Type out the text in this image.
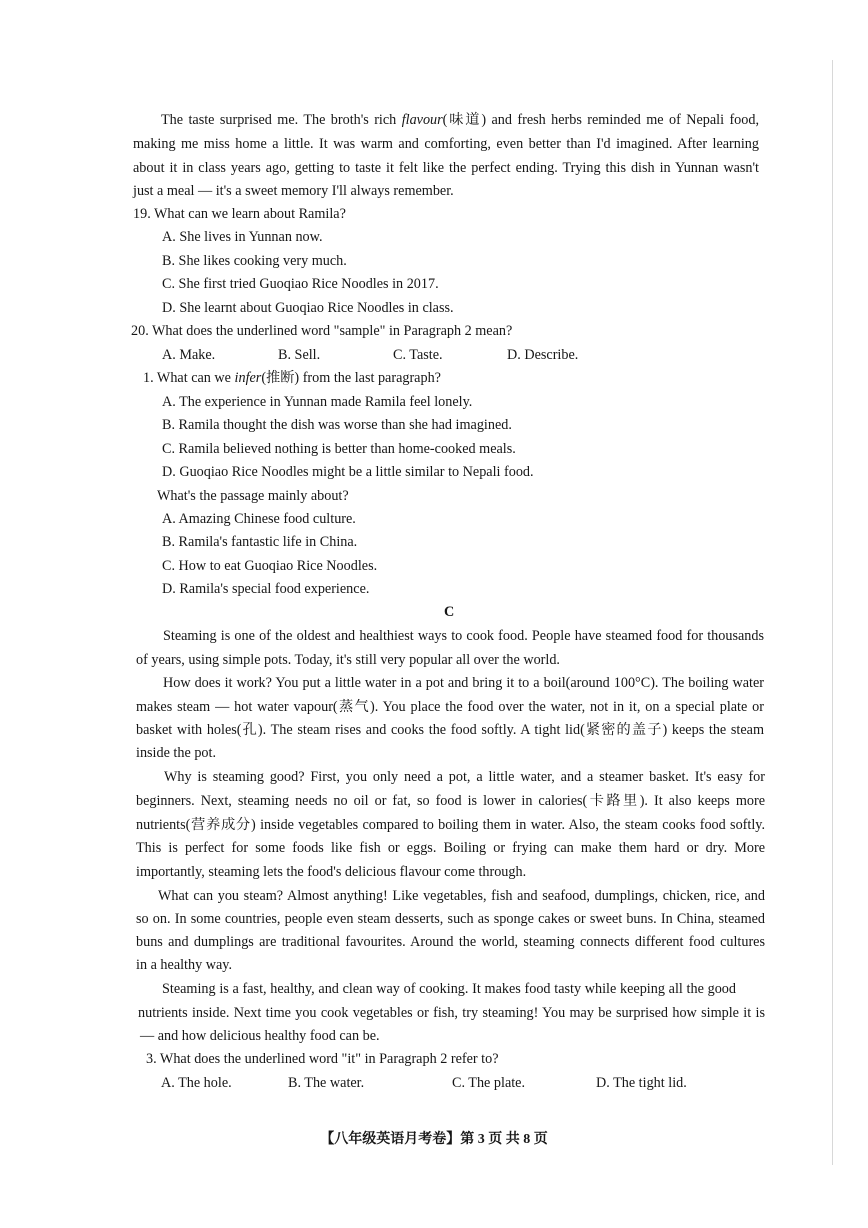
The taste surprised me. The broth's rich flavour(味道) and fresh herbs reminded me of Nepali food,
making me miss home a little. It was warm and comforting, even better than I'd imagined. After learning
about it in class years ago, getting to taste it felt like the perfect ending. Trying this dish in Yunnan wasn't
just a meal — it's a sweet memory I'll always remember.
19. What can we learn about Ramila?
A. She lives in Yunnan now.
B. She likes cooking very much.
C. She first tried Guoqiao Rice Noodles in 2017.
D. She learnt about Guoqiao Rice Noodles in class.
20. What does the underlined word "sample" in Paragraph 2 mean?
A. Make.	B. Sell.	C. Taste.	D. Describe.
1. What can we infer(推断) from the last paragraph?
A. The experience in Yunnan made Ramila feel lonely.
B. Ramila thought the dish was worse than she had imagined.
C. Ramila believed nothing is better than home-cooked meals.
D. Guoqiao Rice Noodles might be a little similar to Nepali food.
What's the passage mainly about?
A. Amazing Chinese food culture.
B. Ramila's fantastic life in China.
C. How to eat Guoqiao Rice Noodles.
D. Ramila's special food experience.
C
Steaming is one of the oldest and healthiest ways to cook food. People have steamed food for thousands
of years, using simple pots. Today, it's still very popular all over the world.
How does it work? You put a little water in a pot and bring it to a boil(around 100°C). The boiling water
makes steam — hot water vapour(蒸气). You place the food over the water, not in it, on a special plate or
basket with holes(孔). The steam rises and cooks the food softly. A tight lid(紧密的盖子) keeps the steam
inside the pot.
Why is steaming good? First, you only need a pot, a little water, and a steamer basket. It's easy for
beginners. Next, steaming needs no oil or fat, so food is lower in calories(卡路里). It also keeps more
nutrients(营养成分) inside vegetables compared to boiling them in water. Also, the steam cooks food softly.
This is perfect for some foods like fish or eggs. Boiling or frying can make them hard or dry. More
importantly, steaming lets the food's delicious flavour come through.
What can you steam? Almost anything! Like vegetables, fish and seafood, dumplings, chicken, rice, and
so on. In some countries, people even steam desserts, such as sponge cakes or sweet buns. In China, steamed
buns and dumplings are traditional favourites. Around the world, steaming connects different food cultures
in a healthy way.
Steaming is a fast, healthy, and clean way of cooking. It makes food tasty while keeping all the good
nutrients inside. Next time you cook vegetables or fish, try steaming! You may be surprised how simple it is
— and how delicious healthy food can be.
3. What does the underlined word "it" in Paragraph 2 refer to?
A. The hole.	B. The water.	C. The plate.	D. The tight lid.
【八年级英语月考卷】第 3 页 共 8 页
